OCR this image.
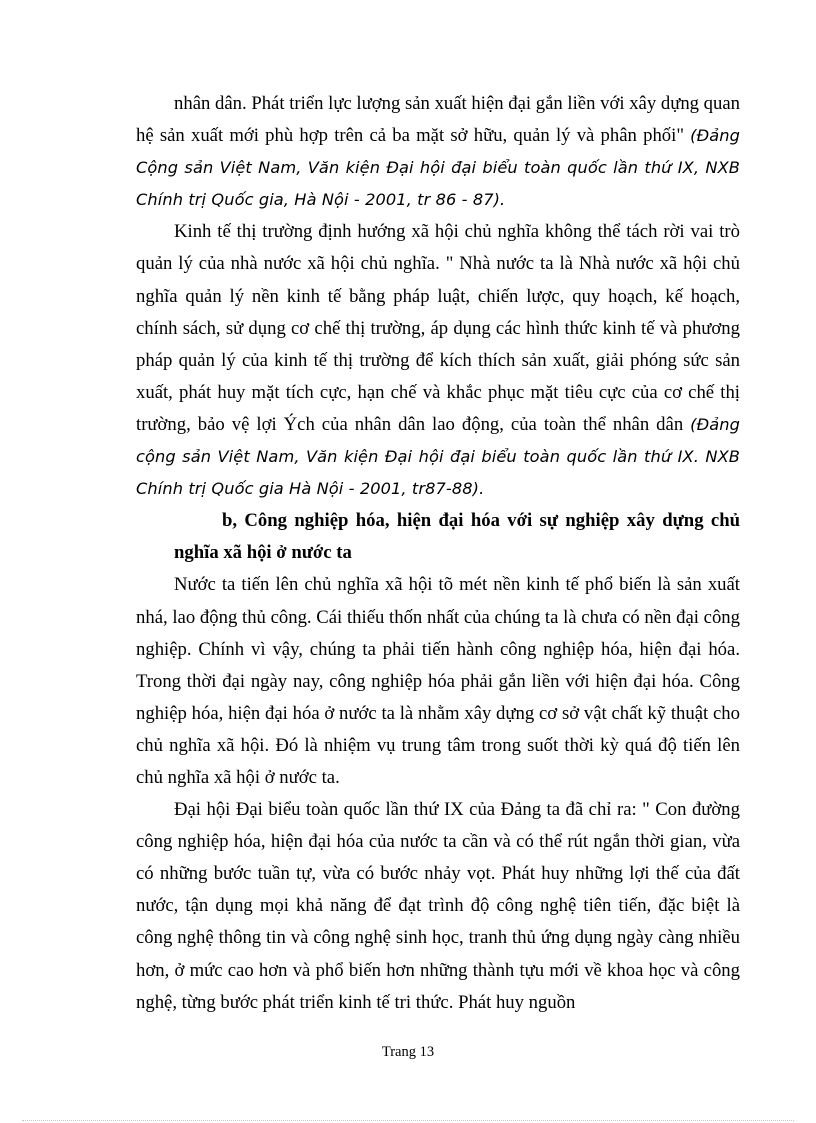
nhân dân. Phát triển lực lượng sản xuất hiện đại gắn liền với xây dựng quan hệ sản xuất mới phù hợp trên cả ba mặt sở hữu, quản lý và phân phối" (Đảng Cộng sản Việt Nam, Văn kiện Đại hội đại biểu toàn quốc lần thứ IX, NXB Chính trị Quốc gia, Hà Nội - 2001, tr 86 - 87).

Kinh tế thị trường định hướng xã hội chủ nghĩa không thể tách rời vai trò quản lý của nhà nước xã hội chủ nghĩa. " Nhà nước ta là Nhà nước xã hội chủ nghĩa quản lý nền kinh tế bằng pháp luật, chiến lược, quy hoạch, kế hoạch, chính sách, sử dụng cơ chế thị trường, áp dụng các hình thức kinh tế và phương pháp quản lý của kinh tế thị trường để kích thích sản xuất, giải phóng sức sản xuất, phát huy mặt tích cực, hạn chế và khắc phục mặt tiêu cực của cơ chế thị trường, bảo vệ lợi Ých của nhân dân lao động, của toàn thể nhân dân (Đảng cộng sản Việt Nam, Văn kiện Đại hội đại biểu toàn quốc lần thứ IX. NXB Chính trị Quốc gia Hà Nội - 2001, tr87-88).

b, Công nghiệp hóa, hiện đại hóa với sự nghiệp xây dựng chủ nghĩa xã hội ở nước ta

Nước ta tiến lên chủ nghĩa xã hội tõ mét nền kinh tế phổ biến là sản xuất nhá, lao động thủ công. Cái thiếu thốn nhất của chúng ta là chưa có nền đại công nghiệp. Chính vì vậy, chúng ta phải tiến hành công nghiệp hóa, hiện đại hóa. Trong thời đại ngày nay, công nghiệp hóa phải gắn liền với hiện đại hóa. Công nghiệp hóa, hiện đại hóa ở nước ta là nhằm xây dựng cơ sở vật chất kỹ thuật cho chủ nghĩa xã hội. Đó là nhiệm vụ trung tâm trong suốt thời kỳ quá độ tiến lên chủ nghĩa xã hội ở nước ta.

Đại hội Đại biểu toàn quốc lần thứ IX của Đảng ta đã chỉ ra: " Con đường công nghiệp hóa, hiện đại hóa của nước ta cần và có thể rút ngắn thời gian, vừa có những bước tuần tự, vừa có bước nhảy vọt. Phát huy những lợi thế của đất nước, tận dụng mọi khả năng để đạt trình độ công nghệ tiên tiến, đặc biệt là công nghệ thông tin và công nghệ sinh học, tranh thủ ứng dụng ngày càng nhiều hơn, ở mức cao hơn và phổ biến hơn những thành tựu mới về khoa học và công nghệ, từng bước phát triển kinh tế tri thức. Phát huy nguồn

Trang 13
